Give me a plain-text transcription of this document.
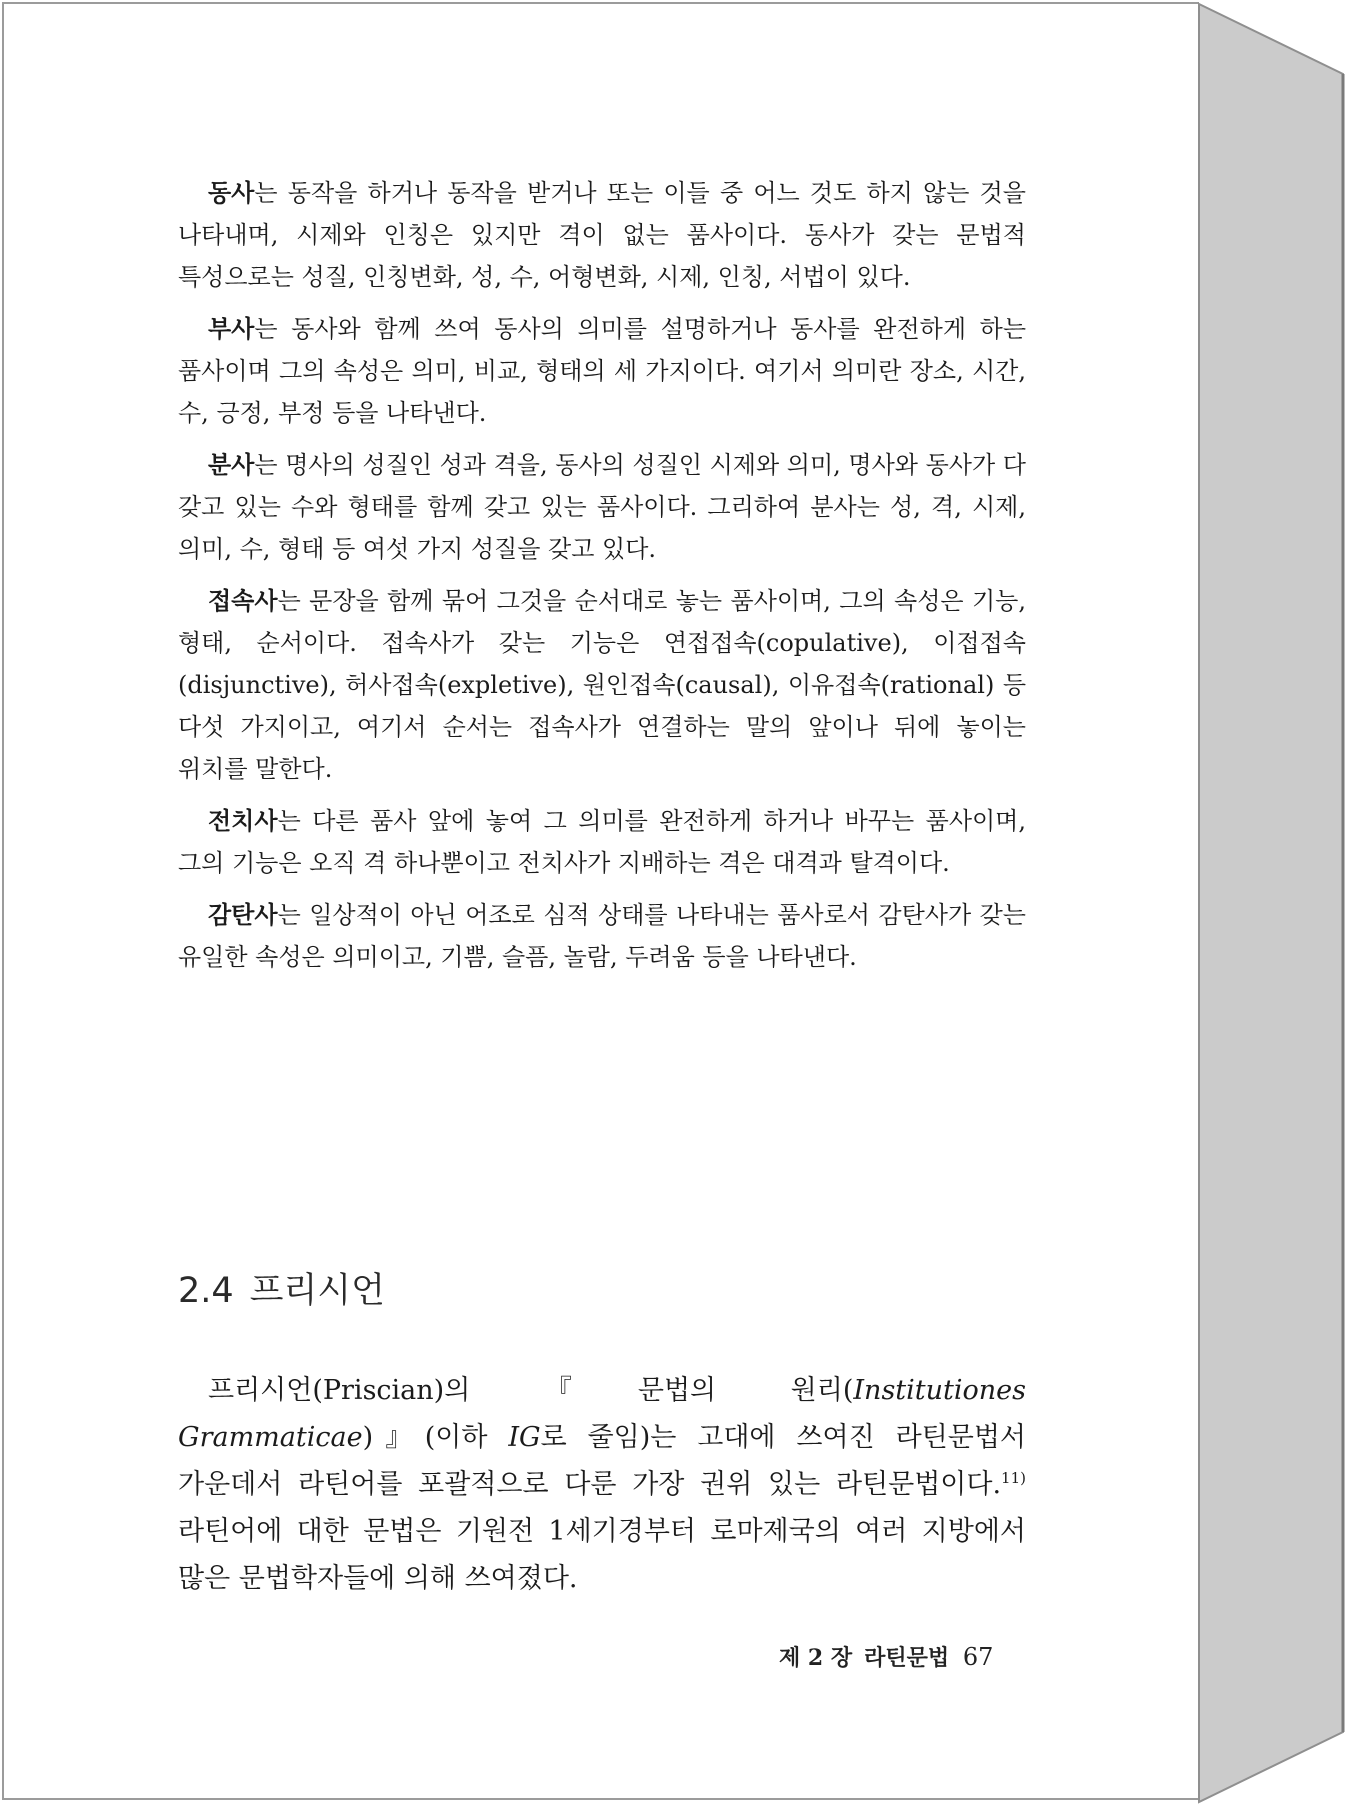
동사는 동작을 하거나 동작을 받거나 또는 이들 중 어느 것도 하지 않는 것을 나타내며, 시제와 인칭은 있지만 격이 없는 품사이다. 동사가 갖는 문법적 특성으로는 성질, 인칭변화, 성, 수, 어형변화, 시제, 인칭, 서법이 있다.

부사는 동사와 함께 쓰여 동사의 의미를 설명하거나 동사를 완전하게 하는 품사이며 그의 속성은 의미, 비교, 형태의 세 가지이다. 여기서 의미란 장소, 시간, 수, 긍정, 부정 등을 나타낸다.

분사는 명사의 성질인 성과 격을, 동사의 성질인 시제와 의미, 명사와 동사가 다 갖고 있는 수와 형태를 함께 갖고 있는 품사이다. 그리하여 분사는 성, 격, 시제, 의미, 수, 형태 등 여섯 가지 성질을 갖고 있다.

접속사는 문장을 함께 묶어 그것을 순서대로 놓는 품사이며, 그의 속성은 기능, 형태, 순서이다. 접속사가 갖는 기능은 연접접속(copulative), 이접접속(disjunctive), 허사접속(expletive), 원인접속(causal), 이유접속(rational) 등 다섯 가지이고, 여기서 순서는 접속사가 연결하는 말의 앞이나 뒤에 놓이는 위치를 말한다.

전치사는 다른 품사 앞에 놓여 그 의미를 완전하게 하거나 바꾸는 품사이며, 그의 기능은 오직 격 하나뿐이고 전치사가 지배하는 격은 대격과 탈격이다.

감탄사는 일상적이 아닌 어조로 심적 상태를 나타내는 품사로서 감탄사가 갖는 유일한 속성은 의미이고, 기쁨, 슬픔, 놀람, 두려움 등을 나타낸다.

2.4 프리시언

프리시언(Priscian)의 『문법의 원리(Institutiones Grammaticae)』(이하 IG로 줄임)는 고대에 쓰여진 라틴문법서 가운데서 라틴어를 포괄적으로 다룬 가장 권위 있는 라틴문법이다.$^{11)}$ 라틴어에 대한 문법은 기원전 1세기경부터 로마제국의 여러 지방에서 많은 문법학자들에 의해 쓰여졌다.

제 2 장 라틴문법 67
